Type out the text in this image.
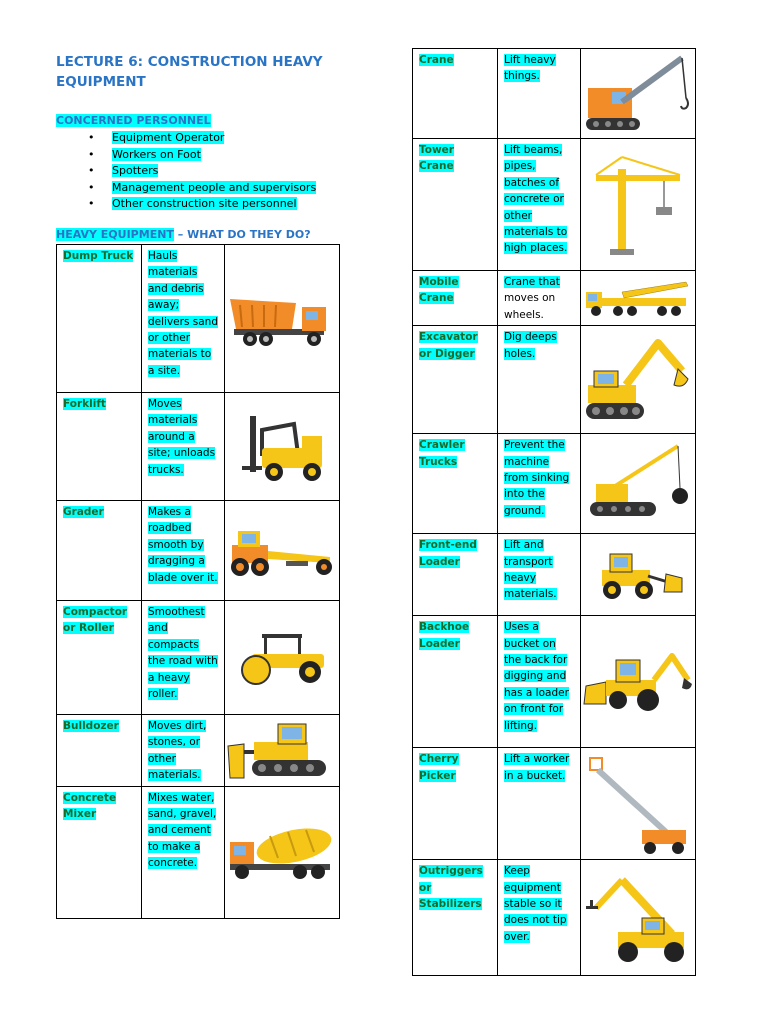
LECTURE 6: CONSTRUCTION HEAVY EQUIPMENT
CONCERNED PERSONNEL
• Equipment Operator
• Workers on Foot
• Spotters
• Management people and supervisors
• Other construction site personnel
HEAVY EQUIPMENT – WHAT DO THEY DO?
Dump Truck	Hauls materials and debris away; delivers sand or other materials to a site.	

Forklift	Moves materials around a site; unloads trucks.	

Grader	Makes a roadbed smooth by dragging a blade over it.	

Compactor or Roller	Smoothest and compacts the road with a heavy roller.	

Bulldozer	Moves dirt, stones, or other materials.	

Concrete Mixer	Mixes water, sand, gravel, and cement to make a concrete.	
Crane	Lift heavy things.	

Tower Crane	Lift beams, pipes, batches of concrete or other materials to high places.	

Mobile Crane	Crane that moves on wheels.	

Excavator or Digger	Dig deeps holes.	

Crawler Trucks	Prevent the machine from sinking into the ground.	

Front-end Loader	Lift and transport heavy materials.	

Backhoe Loader	Uses a bucket on the back for digging and has a loader on front for lifting.	

Cherry Picker	Lift a worker in a bucket.	

Outriggers or Stabilizers	Keep equipment stable so it does not tip over.	
